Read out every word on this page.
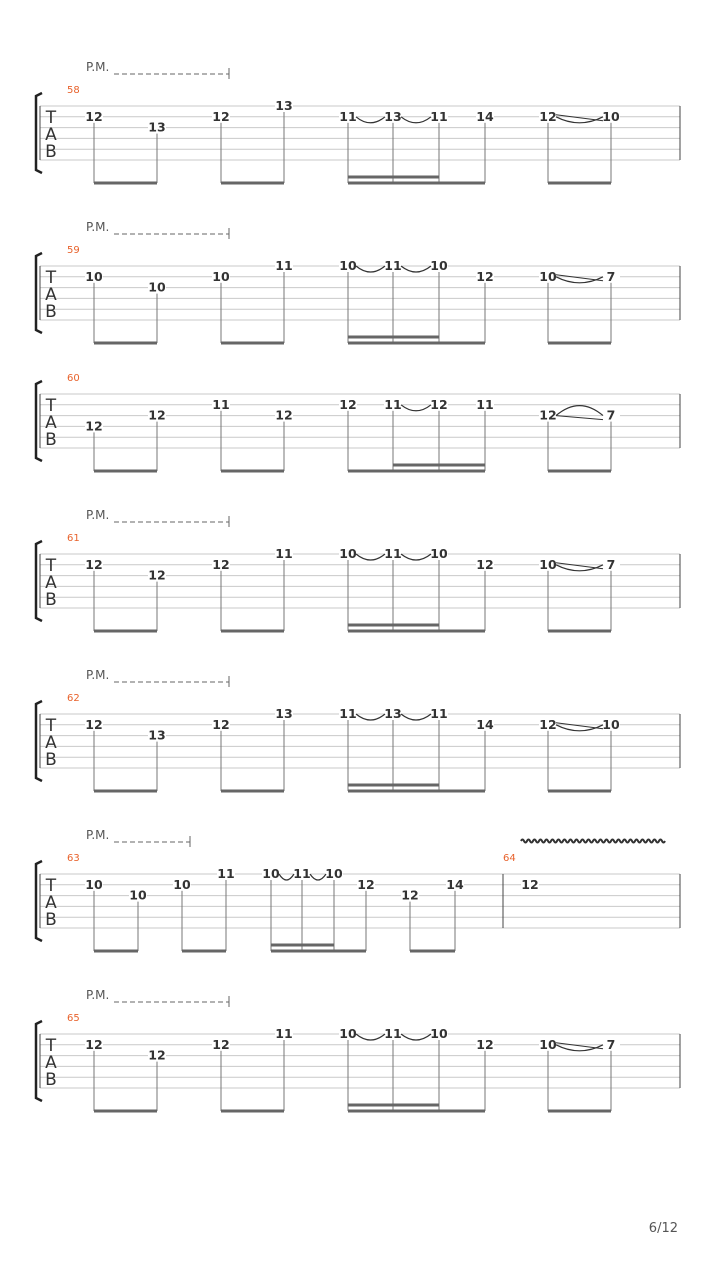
P.M.
58
T
A
B
12
13
12
13
11 13 11 14	12	10
P.M.
59
T
A
B
10
10
10
11	10 11 10
12	10	7
60
T
A
B
12
12
11
12
12 11 12 11
12	7
P.M.
61
T
A
B
12
12
12
11	10 11 10
12	10	7
P.M.
62
T
A
B
12
13
12
13	11 13 11
14	12	10
P.M.
63	64
T
A
B
10
10
10
11 10 11 10
12
12
14	12
P.M.
65
T
A
B
12
12
12
11	10 11 10
12	10	7
6/12
